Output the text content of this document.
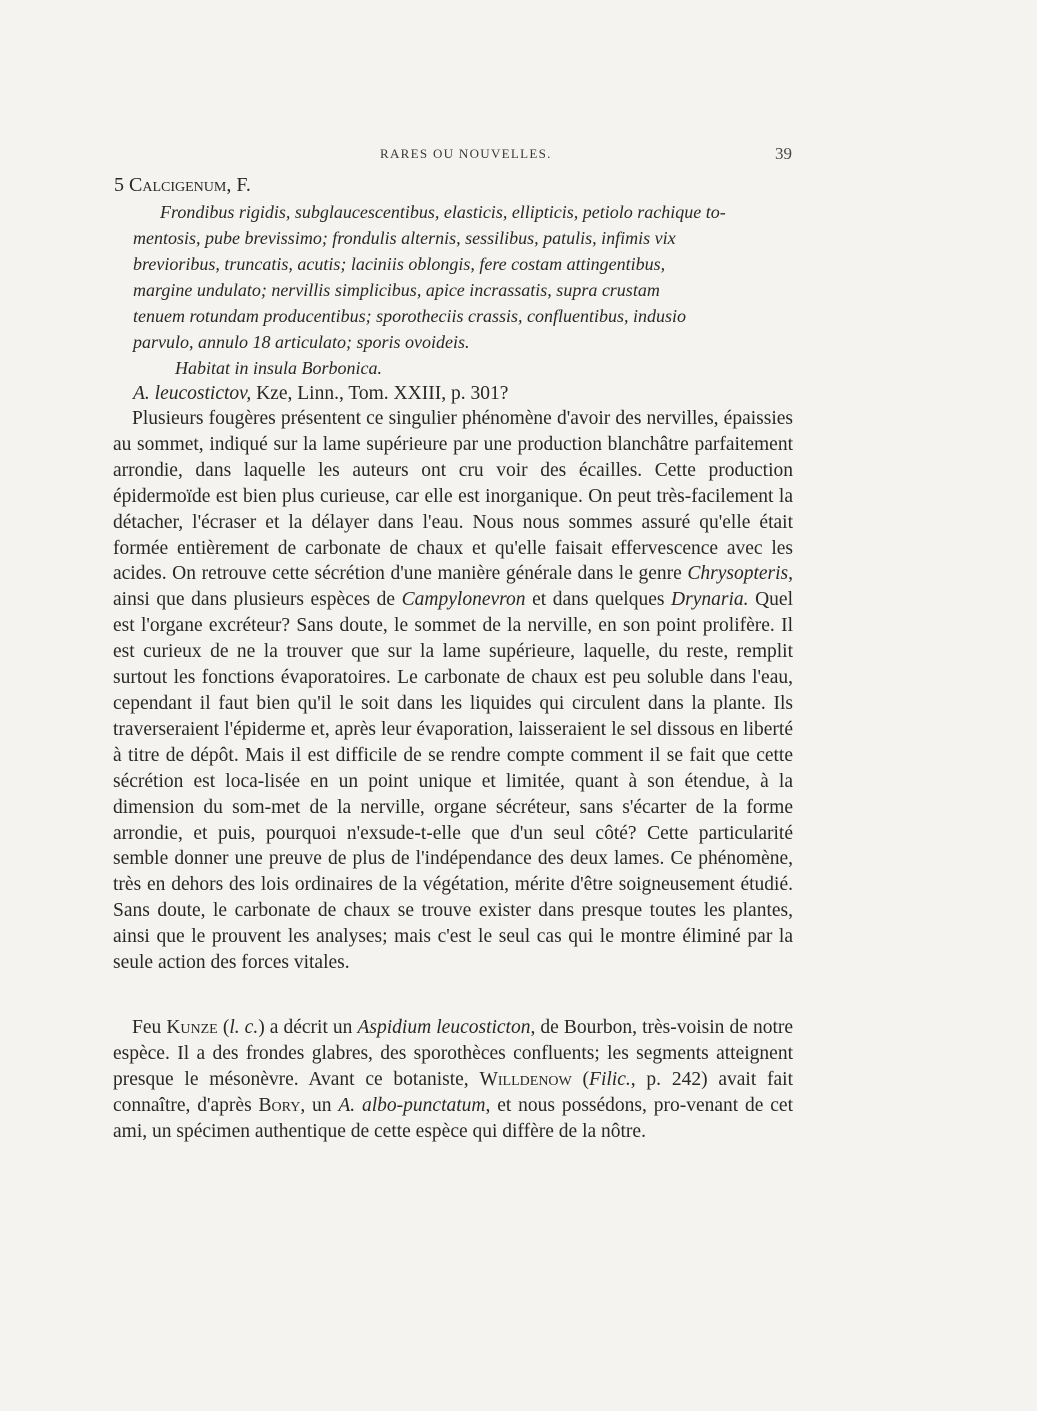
RARES OU NOUVELLES.	39
5 Calcigenum, F.
Frondibus rigidis, subglaucescentibus, elasticis, ellipticis, petiolo rachique to-
mentosis, pube brevissimo; frondulis alternis, sessilibus, patulis, infimis vix
brevioribus, truncatis, acutis; laciniis oblongis, fere costam attingentibus,
margine undulato; nervillis simplicibus, apice incrassatis, supra crustam
tenuem rotundam producentibus; sporotheciis crassis, confluentibus, indusio
parvulo, annulo 18 articulato; sporis ovoideis.
Habitat in insula Borbonica.
A. leucostictov, Kze, Linn., Tom. XXIII, p. 301?

Plusieurs fougères présentent ce singulier phénomène d'avoir des nervilles, épaissies au sommet, indiqué sur la lame supérieure par une production blanchâtre parfaitement arrondie, dans laquelle les auteurs ont cru voir des écailles. Cette production épidermoïde est bien plus curieuse, car elle est inorganique. On peut très-facilement la détacher, l'écraser et la délayer dans l'eau. Nous nous sommes assuré qu'elle était formée entièrement de carbonate de chaux et qu'elle faisait effervescence avec les acides. On retrouve cette sécrétion d'une manière générale dans le genre Chrysopteris, ainsi que dans plusieurs espèces de Campylonevron et dans quelques Drynaria. Quel est l'organe excréteur? Sans doute, le sommet de la nerville, en son point prolifère. Il est curieux de ne la trouver que sur la lame supérieure, laquelle, du reste, remplit surtout les fonctions évaporatoires. Le carbonate de chaux est peu soluble dans l'eau, cependant il faut bien qu'il le soit dans les liquides qui circulent dans la plante. Ils traverseraient l'épiderme et, après leur évaporation, laisseraient le sel dissous en liberté à titre de dépôt. Mais il est difficile de se rendre compte comment il se fait que cette sécrétion est loca-lisée en un point unique et limitée, quant à son étendue, à la dimension du som-met de la nerville, organe sécréteur, sans s'écarter de la forme arrondie, et puis, pourquoi n'exsude-t-elle que d'un seul côté? Cette particularité semble donner une preuve de plus de l'indépendance des deux lames. Ce phénomène, très en dehors des lois ordinaires de la végétation, mérite d'être soigneusement étudié. Sans doute, le carbonate de chaux se trouve exister dans presque toutes les plantes, ainsi que le prouvent les analyses; mais c'est le seul cas qui le montre éliminé par la seule action des forces vitales.

Feu Kunze (l. c.) a décrit un Aspidium leucosticton, de Bourbon, très-voisin de notre espèce. Il a des frondes glabres, des sporothèces confluents; les segments atteignent presque le mésonèvre. Avant ce botaniste, Willdenow (Filic., p. 242) avait fait connaître, d'après Bory, un A. albo-punctatum, et nous possédons, pro-venant de cet ami, un spécimen authentique de cette espèce qui diffère de la nôtre.
